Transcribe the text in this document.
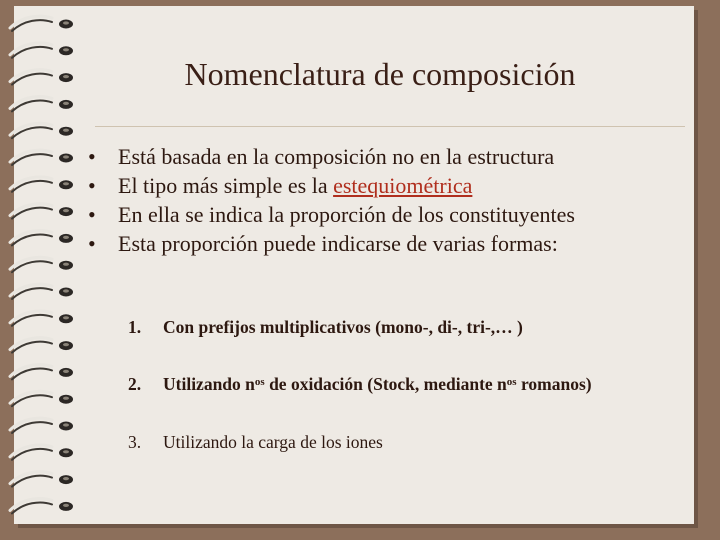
Nomenclatura de composición
• Está basada en la composición no en la estructura
• El tipo más simple es la estequiométrica
• En ella se indica la proporción de los constituyentes
• Esta proporción puede indicarse de varias formas:
1. Con prefijos multiplicativos (mono-, di-, tri-,… )
2. Utilizando $n^{os}$ de oxidación (Stock, mediante $n^{os}$ romanos)
3. Utilizando la carga de los iones
